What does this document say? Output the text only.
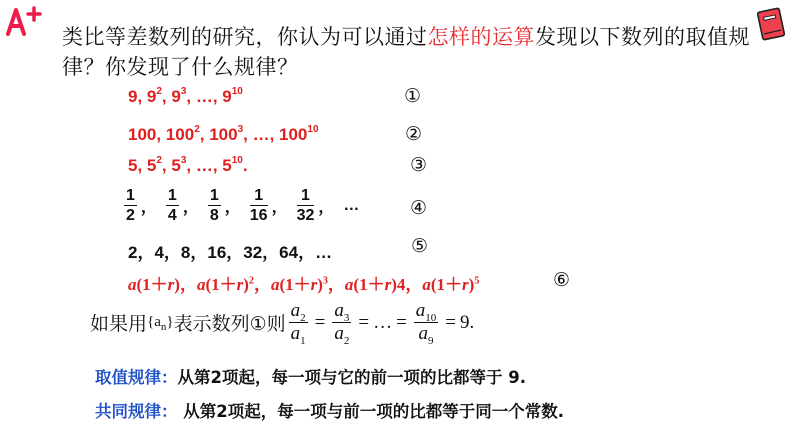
类比等差数列的研究，你认为可以通过怎样的运算发现以下数列的取值规律？你发现了什么规律？
9, $9^2$, $9^3$, …, $9^{10}$	①
100, $100^2$, $100^3$, …, $100^{10}$	②
5, $5^2$, $5^3$, …, $5^{10}$.	③
$\frac{1}{2}$ ， $\frac{1}{4}$ ， $\frac{1}{8}$ ， $\frac{1}{16}$ ， $\frac{1}{32}$ ， …	④
2，4，8，16，32，64，…	⑤
a(1＋r)，$a(1+r)^2$，$a(1+r)^3$，a(1＋r)4，$a(1+r)^5$	⑥
如果用 $\{a_n\}$ 表示数列①则 $\frac{a_2}{a_1} = \frac{a_3}{a_2}$ = … = $\frac{a_{10}}{a_9} = 9$.
取值规律：从第2项起，每一项与它的前一项的比都等于 9.
共同规律： 从第2项起，每一项与前一项的比都等于同一个常数.
